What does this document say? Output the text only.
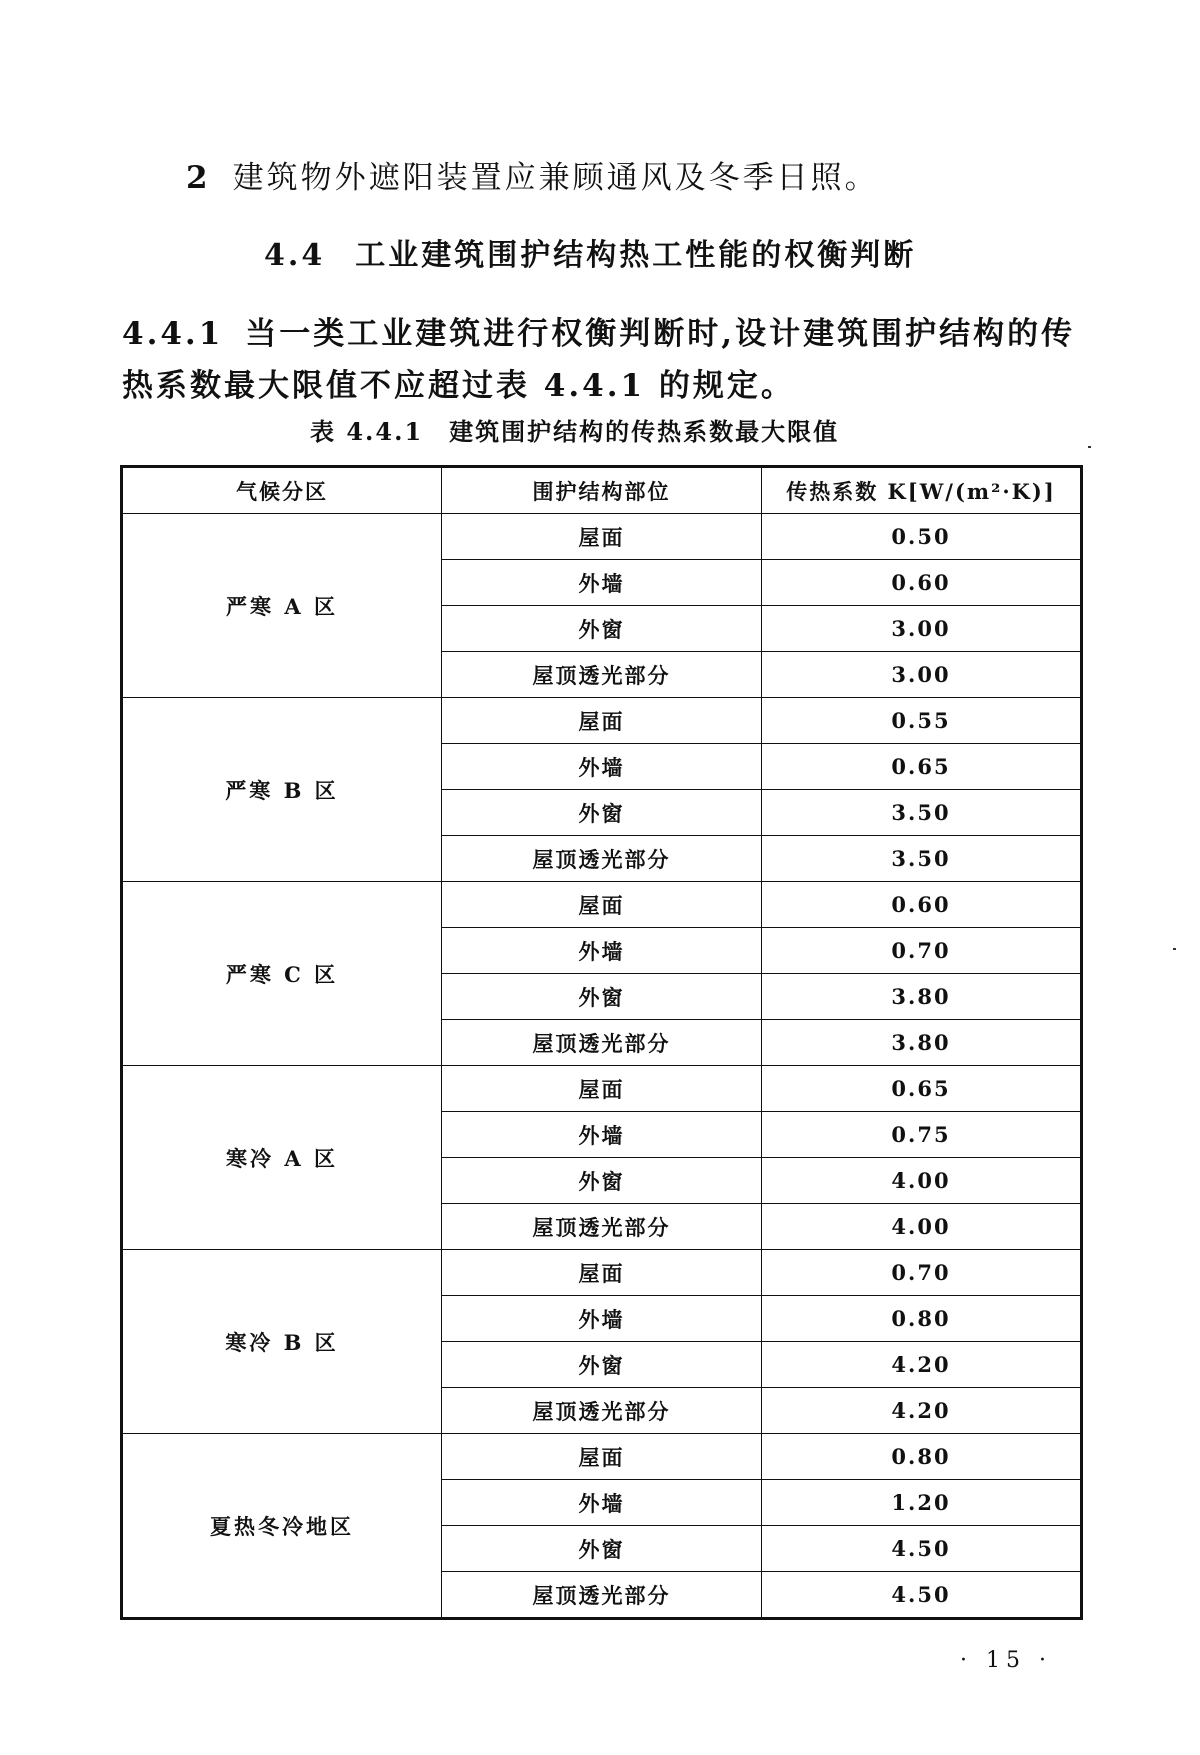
2 建筑物外遮阳装置应兼顾通风及冬季日照。

4.4 工业建筑围护结构热工性能的权衡判断

4.4.1 当一类工业建筑进行权衡判断时,设计建筑围护结构的传热系数最大限值不应超过表 4.4.1 的规定。

表 4.4.1 建筑围护结构的传热系数最大限值

气候分区	围护结构部位	传热系数 K[W/(m²·K)]
严寒 A 区	屋面	0.50
	外墙	0.60
	外窗	3.00
	屋顶透光部分	3.00
严寒 B 区	屋面	0.55
	外墙	0.65
	外窗	3.50
	屋顶透光部分	3.50
严寒 C 区	屋面	0.60
	外墙	0.70
	外窗	3.80
	屋顶透光部分	3.80
寒冷 A 区	屋面	0.65
	外墙	0.75
	外窗	4.00
	屋顶透光部分	4.00
寒冷 B 区	屋面	0.70
	外墙	0.80
	外窗	4.20
	屋顶透光部分	4.20
夏热冬冷地区	屋面	0.80
	外墙	1.20
	外窗	4.50
	屋顶透光部分	4.50
· 15 ·
